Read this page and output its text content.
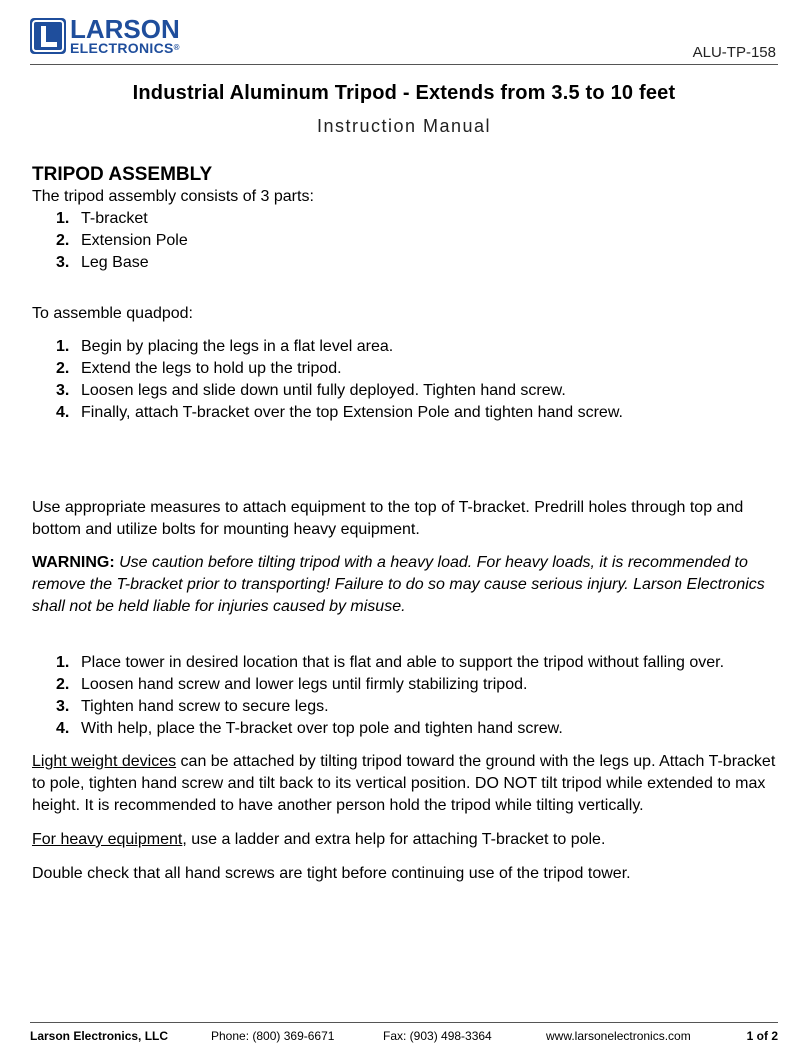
LARSON
ELECTRONICS®	ALU-TP-158
Industrial Aluminum Tripod - Extends from 3.5 to 10 feet
Instruction Manual
TRIPOD ASSEMBLY

The tripod assembly consists of 3 parts:

1. T-bracket
2. Extension Pole
3. Leg Base

To assemble quadpod:

1. Begin by placing the legs in a flat level area.
2. Extend the legs to hold up the tripod.
3. Loosen legs and slide down until fully deployed. Tighten hand screw.
4. Finally, attach T-bracket over the top Extension Pole and tighten hand screw.

Use appropriate measures to attach equipment to the top of T-bracket. Predrill holes through top and bottom and utilize bolts for mounting heavy equipment.

WARNING: Use caution before tilting tripod with a heavy load. For heavy loads, it is recommended to remove the T-bracket prior to transporting! Failure to do so may cause serious injury. Larson Electronics shall not be held liable for injuries caused by misuse.

1. Place tower in desired location that is flat and able to support the tripod without falling over.
2. Loosen hand screw and lower legs until firmly stabilizing tripod.
3. Tighten hand screw to secure legs.
4. With help, place the T-bracket over top pole and tighten hand screw.

Light weight devices can be attached by tilting tripod toward the ground with the legs up. Attach T-bracket to pole, tighten hand screw and tilt back to its vertical position. DO NOT tilt tripod while extended to max height. It is recommended to have another person hold the tripod while tilting vertically.

For heavy equipment, use a ladder and extra help for attaching T-bracket to pole.

Double check that all hand screws are tight before continuing use of the tripod tower.

Larson Electronics, LLC	Phone: (800) 369-6671	Fax: (903) 498-3364	www.larsonelectronics.com	1 of 2
